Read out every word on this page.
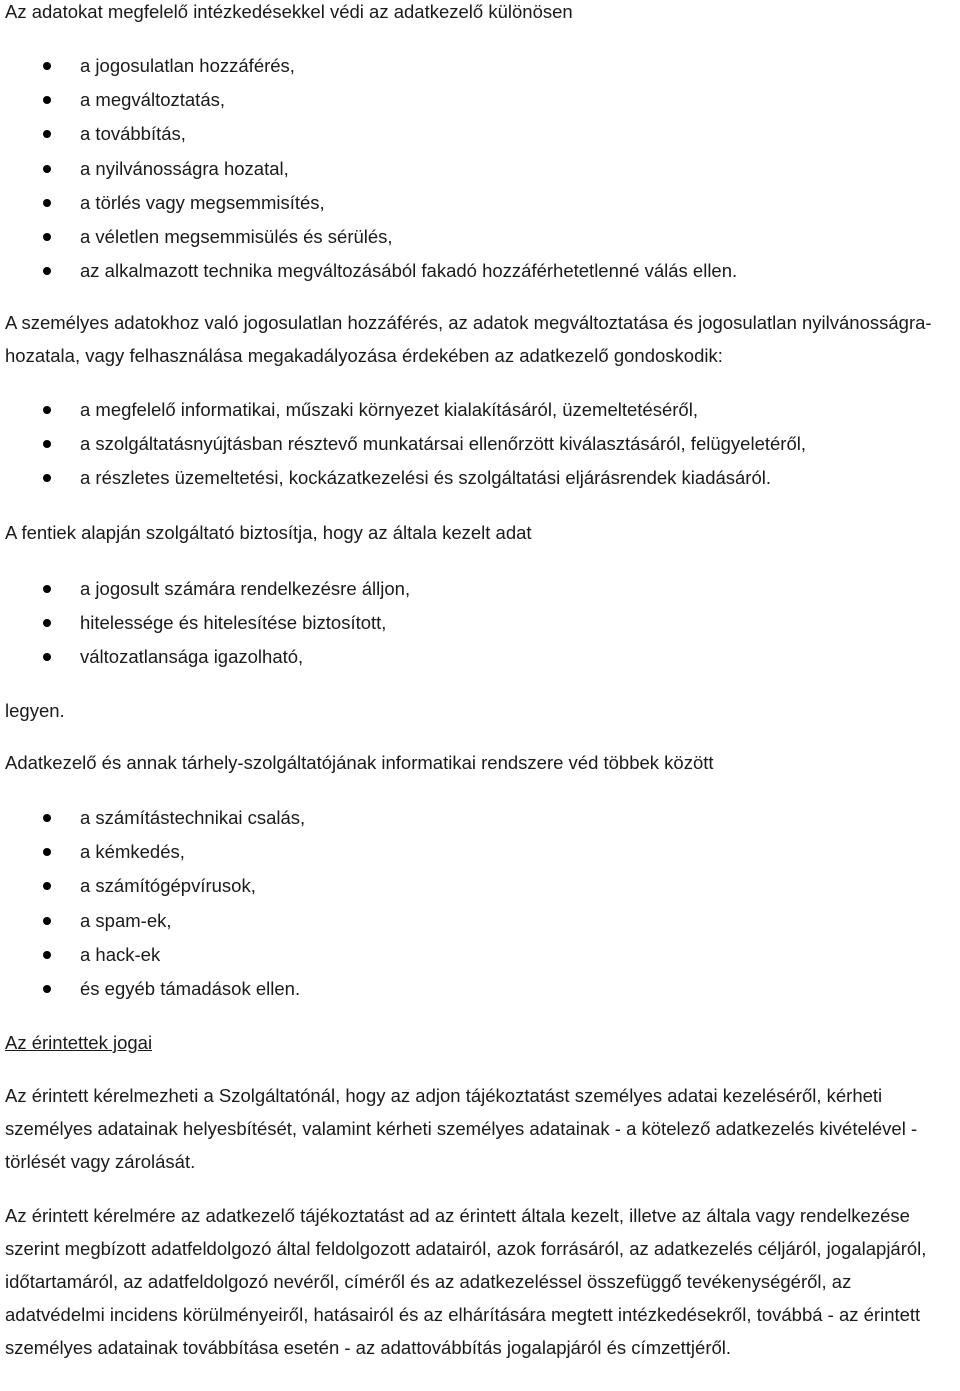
Az adatokat megfelelő intézkedésekkel védi az adatkezelő különösen

a jogosulatlan hozzáférés,
a megváltoztatás,
a továbbítás,
a nyilvánosságra hozatal,
a törlés vagy megsemmisítés,
a véletlen megsemmisülés és sérülés,
az alkalmazott technika megváltozásából fakadó hozzáférhetetlenné válás ellen.

A személyes adatokhoz való jogosulatlan hozzáférés, az adatok megváltoztatása és jogosulatlan nyilvánosságra-hozatala, vagy felhasználása megakadályozása érdekében az adatkezelő gondoskodik:

a megfelelő informatikai, műszaki környezet kialakításáról, üzemeltetéséről,
a szolgáltatásnyújtásban résztevő munkatársai ellenőrzött kiválasztásáról, felügyeletéről,
a részletes üzemeltetési, kockázatkezelési és szolgáltatási eljárásrendek kiadásáról.

A fentiek alapján szolgáltató biztosítja, hogy az általa kezelt adat

a jogosult számára rendelkezésre álljon,
hitelessége és hitelesítése biztosított,
változatlansága igazolható,

legyen.

Adatkezelő és annak tárhely-szolgáltatójának informatikai rendszere véd többek között

a számítástechnikai csalás,
a kémkedés,
a számítógépvírusok,
a spam-ek,
a hack-ek
és egyéb támadások ellen.

Az érintettek jogai

Az érintett kérelmezheti a Szolgáltatónál, hogy az adjon tájékoztatást személyes adatai kezeléséről, kérheti személyes adatainak helyesbítését, valamint kérheti személyes adatainak - a kötelező adatkezelés kivételével - törlését vagy zárolását.

Az érintett kérelmére az adatkezelő tájékoztatást ad az érintett általa kezelt, illetve az általa vagy rendelkezése szerint megbízott adatfeldolgozó által feldolgozott adatairól, azok forrásáról, az adatkezelés céljáról, jogalapjáról, időtartamáról, az adatfeldolgozó nevéről, címéről és az adatkezeléssel összefüggő tevékenységéről, az adatvédelmi incidens körülményeiről, hatásairól és az elhárítására megtett intézkedésekről, továbbá - az érintett személyes adatainak továbbítása esetén - az adattovábbítás jogalapjáról és címzettjéről.
